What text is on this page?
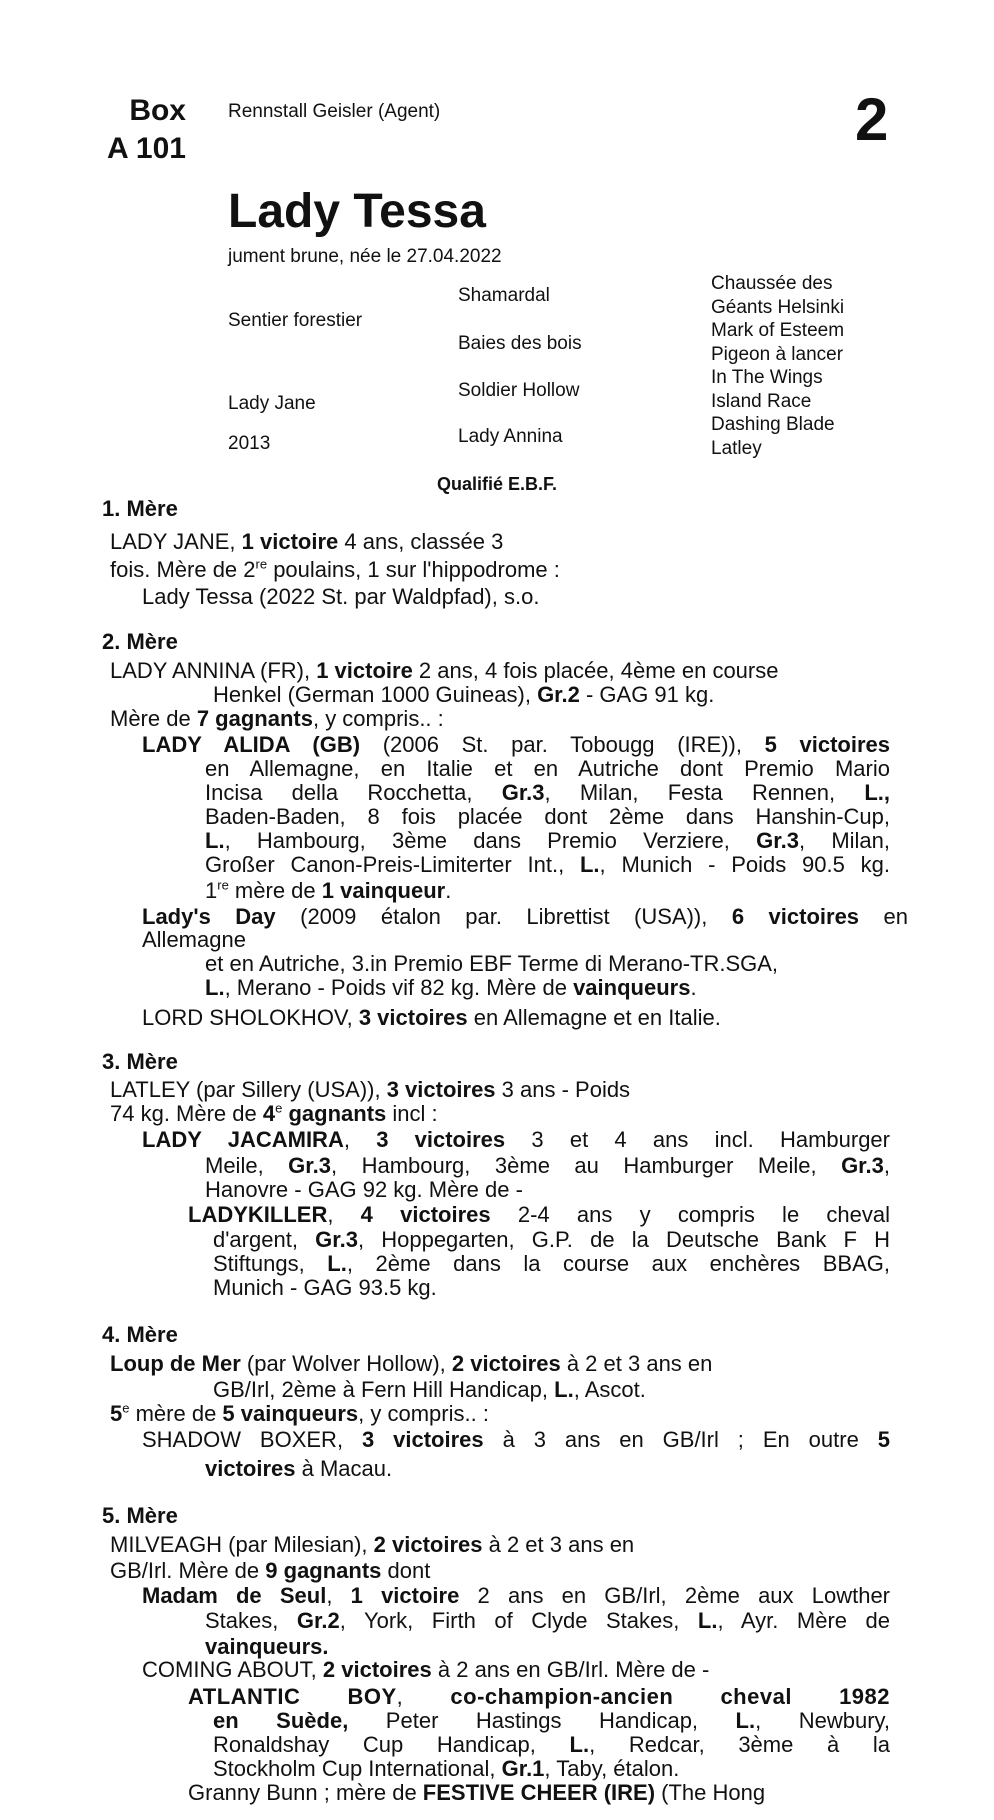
Box
A 101
Rennstall Geisler (Agent)	2
Lady Tessa
jument brune, née le 27.04.2022
Sentier forestier
Lady Jane
2013
Shamardal
Baies des bois
Soldier Hollow
Lady Annina
Chaussée des
Géants Helsinki
Mark of Esteem
Pigeon à lancer
In The Wings
Island Race
Dashing Blade
Latley
Qualifié E.B.F.
1. Mère
LADY JANE, 1 victoire 4 ans, classée 3
fois. Mère de 2re poulains, 1 sur l'hippodrome :
Lady Tessa (2022 St. par Waldpfad), s.o.
2. Mère
LADY ANNINA (FR), 1 victoire 2 ans, 4 fois placée, 4ème en course
Henkel (German 1000 Guineas), Gr.2 - GAG 91 kg.
Mère de 7 gagnants, y compris.. :
LADY ALIDA (GB) (2006 St. par. Tobougg (IRE)), 5 victoires
en Allemagne, en Italie et en Autriche dont Premio Mario
Incisa della Rocchetta, Gr.3, Milan, Festa Rennen, L.,
Baden-Baden, 8 fois placée dont 2ème dans Hanshin-Cup,
L., Hambourg, 3ème dans Premio Verziere, Gr.3, Milan,
Großer Canon-Preis-Limiterter Int., L., Munich - Poids 90.5 kg.
1re mère de 1 vainqueur.
Lady's Day (2009 étalon par. Librettist (USA)), 6 victoires en
Allemagne
et en Autriche, 3.in Premio EBF Terme di Merano-TR.SGA,
L., Merano - Poids vif 82 kg. Mère de vainqueurs.
LORD SHOLOKHOV, 3 victoires en Allemagne et en Italie.
3. Mère
LATLEY (par Sillery (USA)), 3 victoires 3 ans - Poids
74 kg. Mère de 4e gagnants incl :
LADY JACAMIRA, 3 victoires 3 et 4 ans incl. Hamburger
Meile, Gr.3, Hambourg, 3ème au Hamburger Meile, Gr.3,
Hanovre - GAG 92 kg. Mère de -
LADYKILLER, 4 victoires 2-4 ans y compris le cheval
d'argent, Gr.3, Hoppegarten, G.P. de la Deutsche Bank F H
Stiftungs, L., 2ème dans la course aux enchères BBAG,
Munich - GAG 93.5 kg.
4. Mère
Loup de Mer (par Wolver Hollow), 2 victoires à 2 et 3 ans en
GB/Irl, 2ème à Fern Hill Handicap, L., Ascot.
5e mère de 5 vainqueurs, y compris.. :
SHADOW BOXER, 3 victoires à 3 ans en GB/Irl ; En outre 5
victoires à Macau.
5. Mère
MILVEAGH (par Milesian), 2 victoires à 2 et 3 ans en
GB/Irl. Mère de 9 gagnants dont
Madam de Seul, 1 victoire 2 ans en GB/Irl, 2ème aux Lowther
Stakes, Gr.2, York, Firth of Clyde Stakes, L., Ayr. Mère de
vainqueurs.
COMING ABOUT, 2 victoires à 2 ans en GB/Irl. Mère de -
ATLANTIC BOY, co-champion-ancien cheval 1982
en Suède, Peter Hastings Handicap, L., Newbury,
Ronaldshay Cup Handicap, L., Redcar, 3ème à la
Stockholm Cup International, Gr.1, Taby, étalon.
Granny Bunn ; mère de FESTIVE CHEER (IRE) (The Hong
